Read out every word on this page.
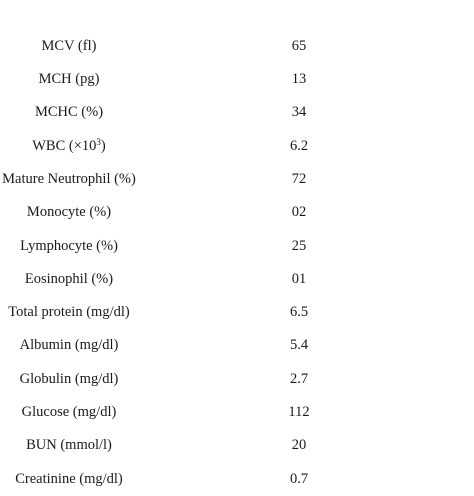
MCV (fl)	65
MCH (pg)	13
MCHC (%)	34
WBC $(\times 10^3)$	6.2
Mature Neutrophil (%)	72
Monocyte (%)	02
Lymphocyte (%)	25
Eosinophil (%)	01
Total protein (mg/dl)	6.5
Albumin (mg/dl)	5.4
Globulin (mg/dl)	2.7
Glucose (mg/dl)	112
BUN (mmol/l)	20
Creatinine (mg/dl)	0.7
